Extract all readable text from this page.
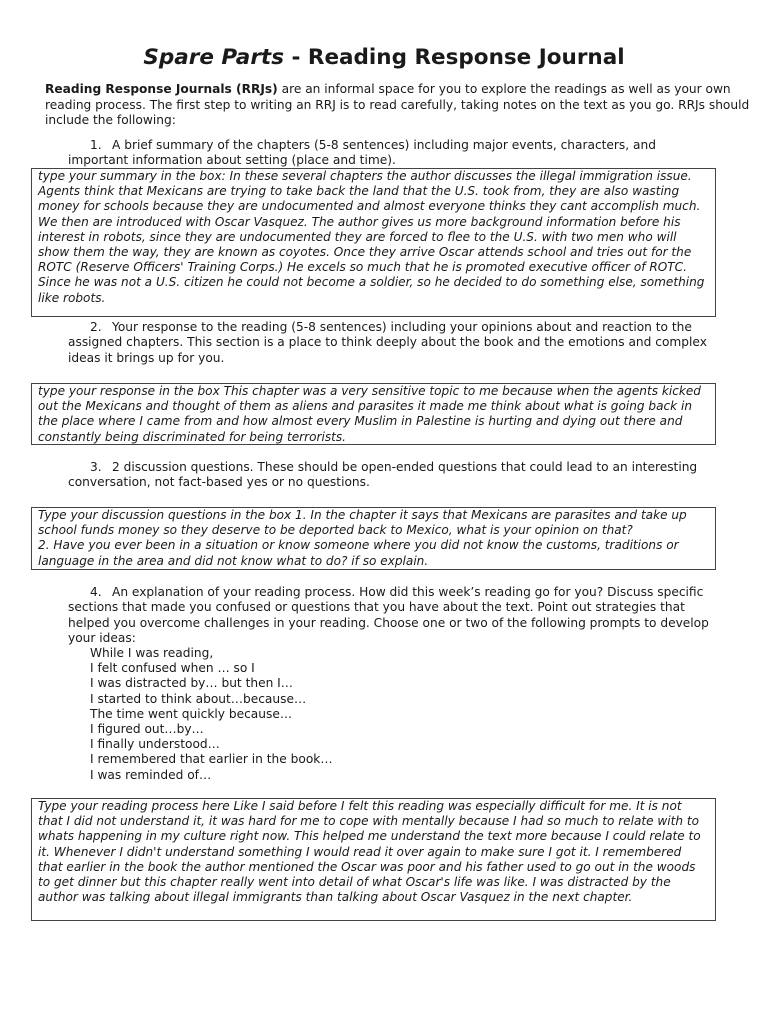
Spare Parts - Reading Response Journal

Reading Response Journals (RRJs) are an informal space for you to explore the readings as well as your own reading process. The first step to writing an RRJ is to read carefully, taking notes on the text as you go. RRJs should include the following:

1. A brief summary of the chapters (5-8 sentences) including major events, characters, and important information about setting (place and time).

type your summary in the box: In these several chapters the author discusses the illegal immigration issue. Agents think that Mexicans are trying to take back the land that the U.S. took from, they are also wasting money for schools because they are undocumented and almost everyone thinks they cant accomplish much. We then are introduced with Oscar Vasquez. The author gives us more background information before his interest in robots, since they are undocumented they are forced to flee to the U.S. with two men who will show them the way, they are known as coyotes. Once they arrive Oscar attends school and tries out for the ROTC (Reserve Officers' Training Corps.) He excels so much that he is promoted executive officer of ROTC. Since he was not a U.S. citizen he could not become a soldier, so he decided to do something else, something like robots.

2. Your response to the reading (5-8 sentences) including your opinions about and reaction to the assigned chapters. This section is a place to think deeply about the book and the emotions and complex ideas it brings up for you.

type your response in the box This chapter was a very sensitive topic to me because when the agents kicked out the Mexicans and thought of them as aliens and parasites it made me think about what is going back in the place where I came from and how almost every Muslim in Palestine is hurting and dying out there and constantly being discriminated for being terrorists.

3. 2 discussion questions. These should be open-ended questions that could lead to an interesting conversation, not fact-based yes or no questions.

Type your discussion questions in the box 1. In the chapter it says that Mexicans are parasites and take up school funds money so they deserve to be deported back to Mexico, what is your opinion on that?
2. Have you ever been in a situation or know someone where you did not know the customs, traditions or language in the area and did not know what to do? if so explain.

4. An explanation of your reading process. How did this week’s reading go for you? Discuss specific sections that made you confused or questions that you have about the text. Point out strategies that helped you overcome challenges in your reading. Choose one or two of the following prompts to develop your ideas:

While I was reading,
I felt confused when … so I
I was distracted by… but then I…
I started to think about…because…
The time went quickly because…
I figured out…by…
I finally understood…
I remembered that earlier in the book…
I was reminded of…
Type your reading process here Like I said before I felt this reading was especially difficult for me. It is not that I did not understand it, it was hard for me to cope with mentally because I had so much to relate with to whats happening in my culture right now. This helped me understand the text more because I could relate to it. Whenever I didn't understand something I would read it over again to make sure I got it. I remembered that earlier in the book the author mentioned the Oscar was poor and his father used to go out in the woods to get dinner but this chapter really went into detail of what Oscar's life was like. I was distracted by the author was talking about illegal immigrants than talking about Oscar Vasquez in the next chapter.
